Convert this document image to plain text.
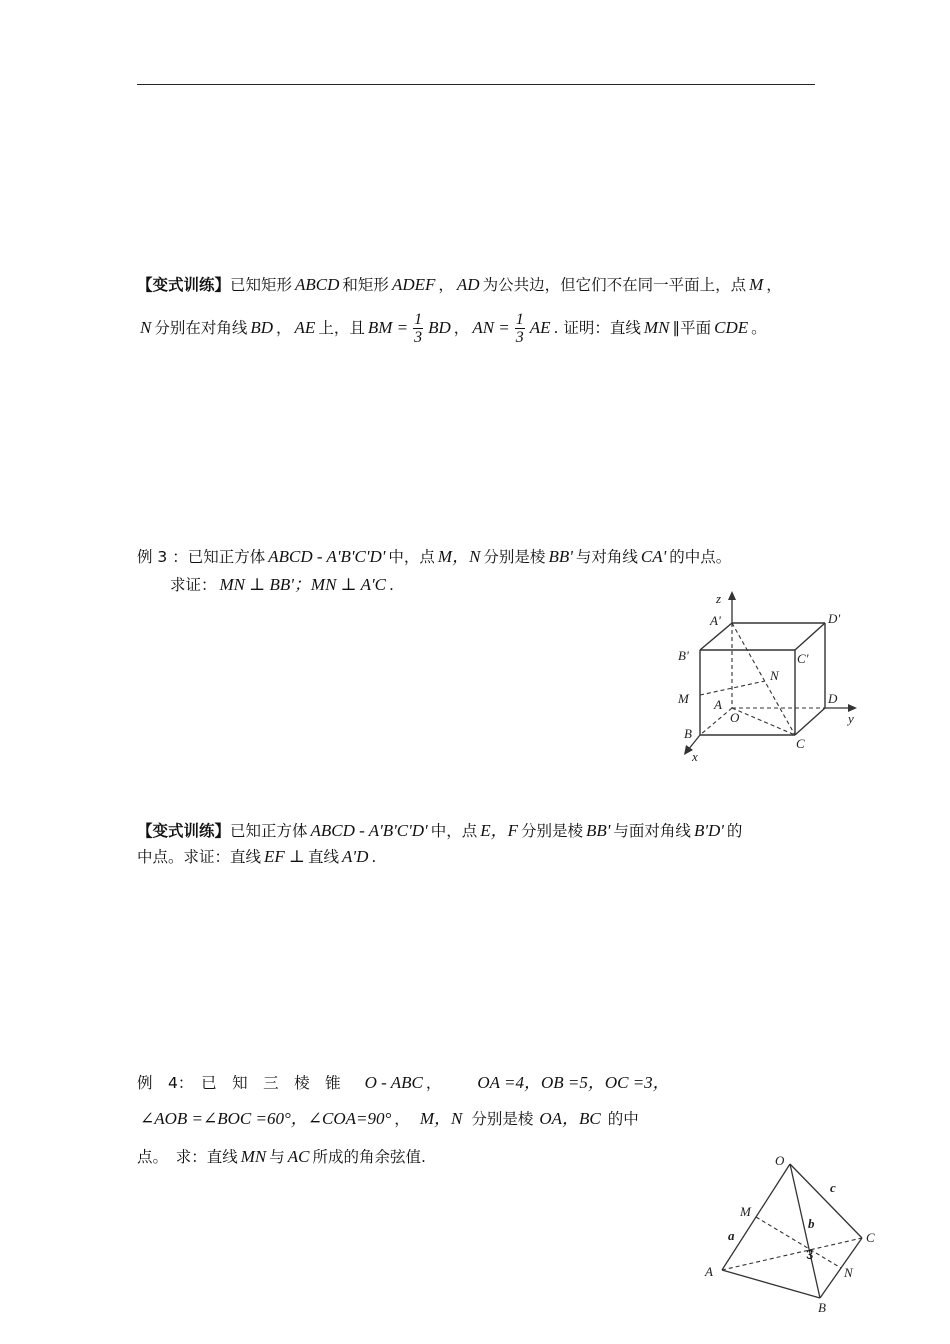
【变式训练】已知矩形 ABCD 和矩形 ADEF ， AD 为公共边，但它们不在同一平面上，点 M ，
N 分别在对角线 BD ， AE 上，且 BM = $\frac{1}{3}$ BD ， AN = $\frac{1}{3}$ AE . 证明：直线 MN ∥平面 CDE 。
例 3 ：已知正方体 ABCD - A'B'C'D' 中，点 M，N 分别是棱 BB' 与对角线 CA' 的中点。
求证： MN ⊥ BB'；MN ⊥ A'C .
z
y
x
A'	D'
B'	C'
N
M A
O
D
B
C
【变式训练】已知正方体 ABCD - A'B'C'D' 中，点 E，F 分别是棱 BB' 与面对角线 B'D' 的
中点。求证：直线 EF ⊥ 直线 A'D .
例　4：　已　知　三　棱　锥 O - ABC ， OA =4，OB =5，OC =3，
∠AOB =∠BOC =60°，∠COA=90° ， M，N 分别是棱 OA，BC 的中
点。　求：直线 MN 与 AC 所成的角余弦值.	O
A
B
C
M
N
a
b
c
3
